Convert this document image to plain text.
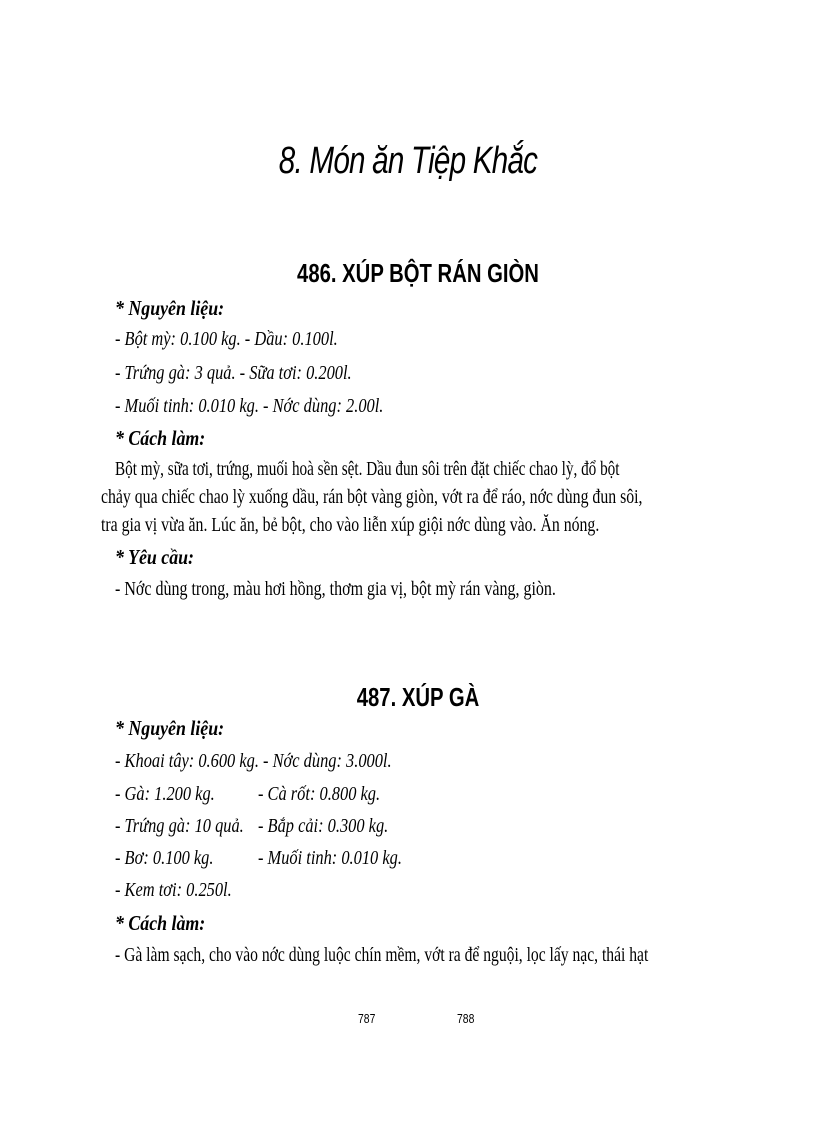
8. Món ăn Tiệp Khắc
486. XÚP BỘT RÁN GIÒN
* Nguyên liệu:
- Bột mỳ: 0.100 kg. - Dầu: 0.100l.
- Trứng gà: 3 quả. - Sữa tơi: 0.200l.
- Muối tinh: 0.010 kg. - Nớc dùng: 2.00l.
* Cách làm:
Bột mỳ, sữa tơi, trứng, muối hoà sền sệt. Dầu đun sôi trên đặt chiếc chao lỳ, đổ bột
chảy qua chiếc chao lỳ xuống dầu, rán bột vàng giòn, vớt ra để ráo, nớc dùng đun sôi,
tra gia vị vừa ăn. Lúc ăn, bẻ bột, cho vào liễn xúp giội nớc dùng vào. Ăn nóng.
* Yêu cầu:
- Nớc dùng trong, màu hơi hồng, thơm gia vị, bột mỳ rán vàng, giòn.
487. XÚP GÀ
* Nguyên liệu:
- Khoai tây: 0.600 kg. - Nớc dùng: 3.000l.
- Gà: 1.200 kg. - Cà rốt: 0.800 kg.
- Trứng gà: 10 quả. - Bắp cải: 0.300 kg.
- Bơ: 0.100 kg. - Muối tinh: 0.010 kg.
- Kem tơi: 0.250l.
* Cách làm:
- Gà làm sạch, cho vào nớc dùng luộc chín mềm, vớt ra để nguội, lọc lấy nạc, thái hạt
787	788
